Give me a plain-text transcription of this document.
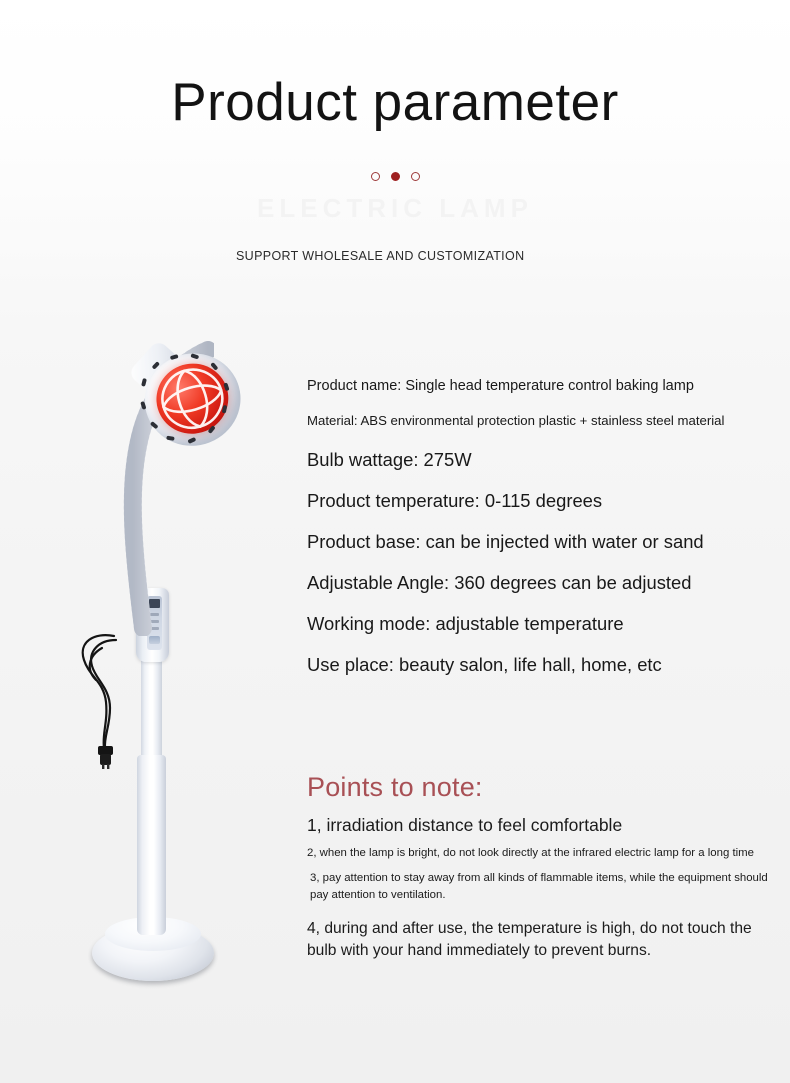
Product parameter
ELECTRIC LAMP
SUPPORT WHOLESALE AND CUSTOMIZATION
Product name: Single head temperature control baking lamp
Material: ABS environmental protection plastic + stainless steel material
Bulb wattage: 275W
Product temperature: 0-115 degrees
Product base: can be injected with water or sand
Adjustable Angle: 360 degrees can be adjusted
Working mode: adjustable temperature
Use place: beauty salon, life hall, home, etc
Points to note:
1, irradiation distance to feel comfortable
2, when the lamp is bright, do not look directly at the infrared electric lamp for a long time
3, pay attention to stay away from all kinds of flammable items, while the equipment should pay attention to ventilation.
4, during and after use, the temperature is high, do not touch the bulb with your hand immediately to prevent burns.
